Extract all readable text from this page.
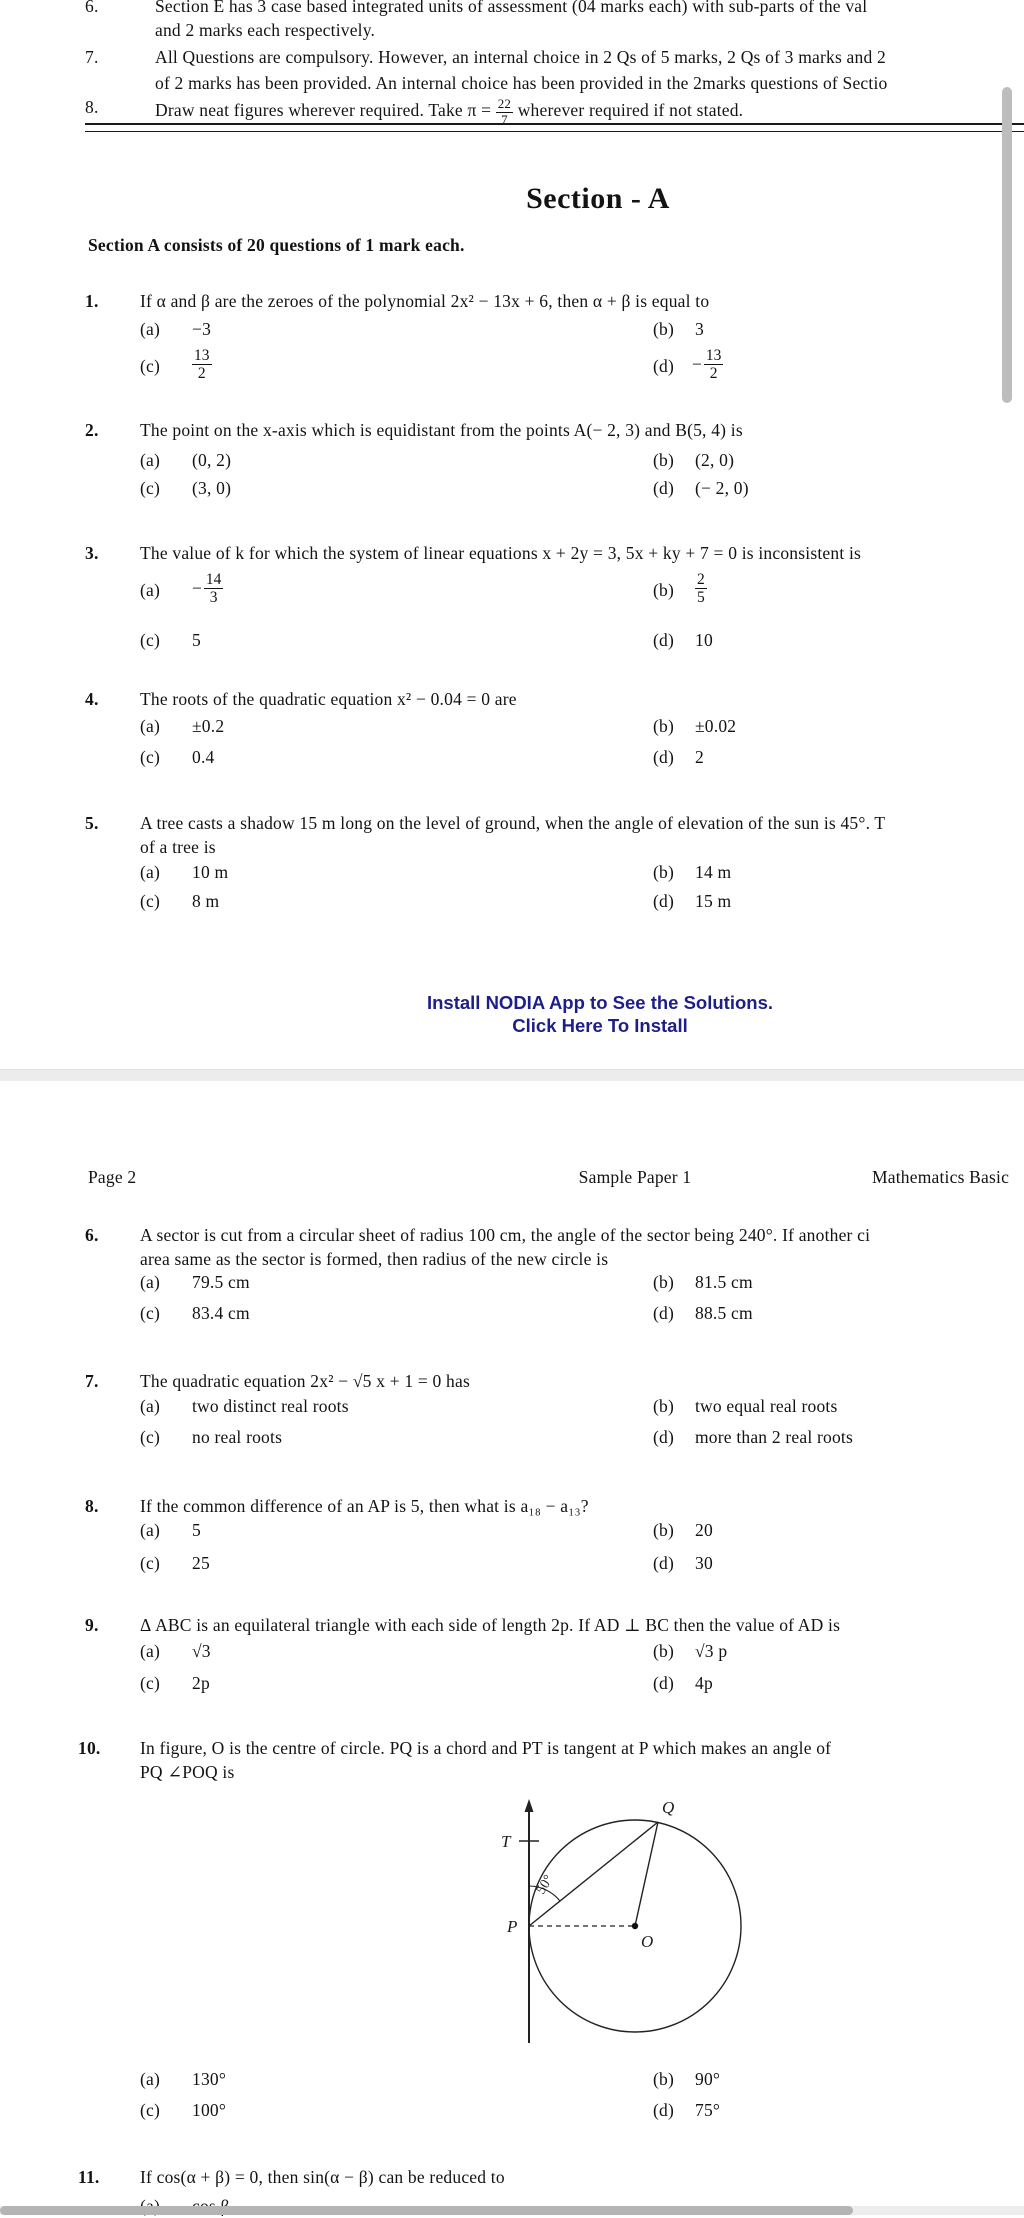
6.	Section E has 3 case based integrated units of assessment (04 marks each) with sub-parts of the val
and 2 marks each respectively.
7.	All Questions are compulsory. However, an internal choice in 2 Qs of 5 marks, 2 Qs of 3 marks and 2
of 2 marks has been provided. An internal choice has been provided in the 2marks questions of Sectio
8.	Draw neat figures wherever required. Take $\pi = \frac{22}{7}$ wherever required if not stated.
Section - A
Section A consists of 20 questions of 1 mark each.
1. If α and β are the zeroes of the polynomial 2x² − 13x + 6, then α + β is equal to
(a) −3	(b) 3
$(c) \frac{13}{2}$	$(d) - \frac{13}{2}$
2. The point on the x-axis which is equidistant from the points A(− 2, 3) and B(5, 4) is
(a) (0, 2)	(b) (2, 0)
(c) (3, 0)	(d) (− 2, 0)
3. The value of k for which the system of linear equations x + 2y = 3, 5x + ky + 7 = 0 is inconsistent is
$(a) - \frac{14}{3}$	$(b) \frac{2}{5}$
(c) 5	(d) 10
4. The roots of the quadratic equation x² − 0.04 = 0 are
(a) ±0.2	(b) ±0.02
(c) 0.4	(d) 2
5. A tree casts a shadow 15 m long on the level of ground, when the angle of elevation of the sun is 45°. T
of a tree is
(a) 10 m	(b) 14 m
(c) 8 m	(d) 15 m
Install NODIA App to See the Solutions.
Click Here To Install
Page 2	Sample Paper 1	Mathematics Basic
6. A sector is cut from a circular sheet of radius 100 cm, the angle of the sector being 240°. If another ci
area same as the sector is formed, then radius of the new circle is
(a) 79.5 cm	(b) 81.5 cm
(c) 83.4 cm	(d) 88.5 cm
7. The quadratic equation 2x² − √5 x + 1 = 0 has
(a) two distinct real roots	(b) two equal real roots
(c) no real roots	(d) more than 2 real roots
8. If the common difference of an AP is 5, then what is a₁₈ − a₁₃?
(a) 5	(b) 20
(c) 25	(d) 30
9. Δ ABC is an equilateral triangle with each side of length 2p. If AD ⊥ BC then the value of AD is
(a) √3	(b) √3 p
(c) 2p	(d) 4p
10. In figure, O is the centre of circle. PQ is a chord and PT is tangent at P which makes an angle of
PQ ∠POQ is
T
P
Q
O
50°
(a) 130°	(b) 90°
(c) 100°	(d) 75°
11. If cos(α + β) = 0, then sin(α − β) can be reduced to
